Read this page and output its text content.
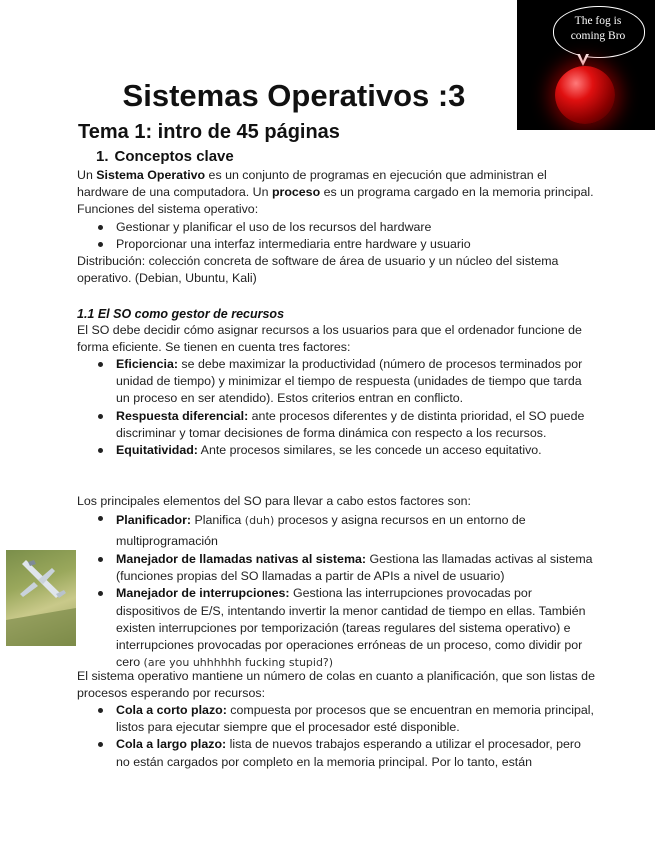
Sistemas Operativos :3
Tema 1: intro de 45 páginas
1. Conceptos clave

Un Sistema Operativo es un conjunto de programas en ejecución que administran el hardware de una computadora. Un proceso es un programa cargado en la memoria principal. Funciones del sistema operativo:

Gestionar y planificar el uso de los recursos del hardware
Proporcionar una interfaz intermediaria entre hardware y usuario

Distribución: colección concreta de software de área de usuario y un núcleo del sistema operativo. (Debian, Ubuntu, Kali)

1.1 El SO como gestor de recursos

El SO debe decidir cómo asignar recursos a los usuarios para que el ordenador funcione de forma eficiente. Se tienen en cuenta tres factores:

Eficiencia: se debe maximizar la productividad (número de procesos terminados por unidad de tiempo) y minimizar el tiempo de respuesta (unidades de tiempo que tarda un proceso en ser atendido). Estos criterios entran en conflicto.
Respuesta diferencial: ante procesos diferentes y de distinta prioridad, el SO puede discriminar y tomar decisiones de forma dinámica con respecto a los recursos.
Equitatividad: Ante procesos similares, se les concede un acceso equitativo.

Los principales elementos del SO para llevar a cabo estos factores son:

Planificador: Planifica (duh) procesos y asigna recursos en un entorno de multiprogramación
Manejador de llamadas nativas al sistema: Gestiona las llamadas activas al sistema (funciones propias del SO llamadas a partir de APIs a nivel de usuario)
Manejador de interrupciones: Gestiona las interrupciones provocadas por dispositivos de E/S, intentando invertir la menor cantidad de tiempo en ellas. También existen interrupciones por temporización (tareas regulares del sistema operativo) e interrupciones provocadas por operaciones erróneas de un proceso, como dividir por cero (are you uhhhhhh fucking stupid?)

El sistema operativo mantiene un número de colas en cuanto a planificación, que son listas de procesos esperando por recursos:

Cola a corto plazo: compuesta por procesos que se encuentran en memoria principal, listos para ejecutar siempre que el procesador esté disponible.
Cola a largo plazo: lista de nuevos trabajos esperando a utilizar el procesador, pero no están cargados por completo en la memoria principal. Por lo tanto, están
The fog is
coming Bro
